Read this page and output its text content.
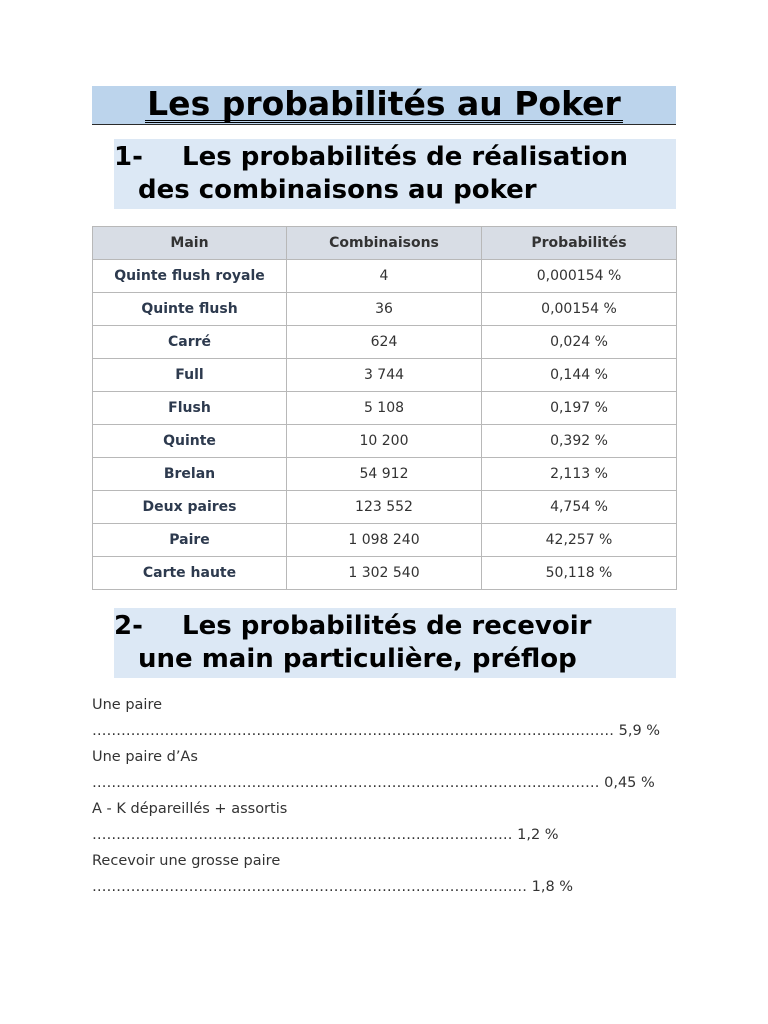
Les probabilités au Poker
1- Les probabilités de réalisation
des combinaisons au poker
Main	Combinaisons	Probabilités
Quinte flush royale	4	0,000154 %
Quinte flush	36	0,00154 %
Carré	624	0,024 %
Full	3 744	0,144 %
Flush	5 108	0,197 %
Quinte	10 200	0,392 %
Brelan	54 912	2,113 %
Deux paires	123 552	4,754 %
Paire	1 098 240	42,257 %
Carte haute	1 302 540	50,118 %
2- Les probabilités de recevoir
une main particulière, préflop
Une paire
……………………………………………………………………………………………… 5,9 %
Une paire d’As
…………………………………………………………………………………………… 0,45 %
A - K dépareillés + assortis
…………………………………………………………………………… 1,2 %
Recevoir une grosse paire
……………………………………………………………………………… 1,8 %
